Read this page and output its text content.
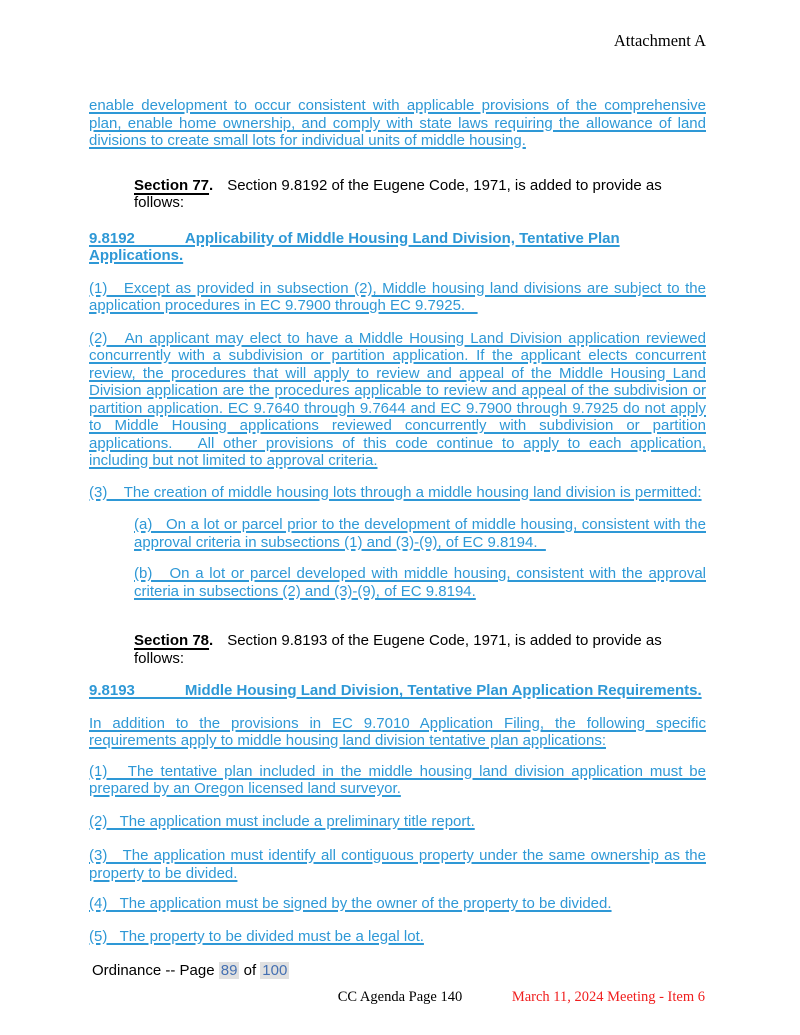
Attachment A

enable development to occur consistent with applicable provisions of the comprehensive plan, enable home ownership, and comply with state laws requiring the allowance of land divisions to create small lots for individual units of middle housing.

Section 77. Section 9.8192 of the Eugene Code, 1971, is added to provide as follows:

9.8192            Applicability of Middle Housing Land Division, Tentative Plan Applications.

(1)   Except as provided in subsection (2), Middle housing land divisions are subject to the application procedures in EC 9.7900 through EC 9.7925.

(2)   An applicant may elect to have a Middle Housing Land Division application reviewed concurrently with a subdivision or partition application. If the applicant elects concurrent review, the procedures that will apply to review and appeal of the Middle Housing Land Division application are the procedures applicable to review and appeal of the subdivision or partition application. EC 9.7640 through 9.7644 and EC 9.7900 through 9.7925 do not apply to Middle Housing applications reviewed concurrently with subdivision or partition applications.   All other provisions of this code continue to apply to each application, including but not limited to approval criteria.

(3)    The creation of middle housing lots through a middle housing land division is permitted:

(a)   On a lot or parcel prior to the development of middle housing, consistent with the approval criteria in subsections (1) and (3)-(9), of EC 9.8194.

(b)   On a lot or parcel developed with middle housing, consistent with the approval criteria in subsections (2) and (3)-(9), of EC 9.8194.

Section 78. Section 9.8193 of the Eugene Code, 1971, is added to provide as follows:

9.8193            Middle Housing Land Division, Tentative Plan Application Requirements.

In addition to the provisions in EC 9.7010 Application Filing, the following specific requirements apply to middle housing land division tentative plan applications:

(1)   The tentative plan included in the middle housing land division application must be prepared by an Oregon licensed land surveyor.

(2)   The application must include a preliminary title report.

(3)   The application must identify all contiguous property under the same ownership as the property to be divided.

(4)   The application must be signed by the owner of the property to be divided.

(5)   The property to be divided must be a legal lot.

Ordinance -- Page 89 of 100
CC Agenda Page 140	March 11, 2024 Meeting - Item 6
